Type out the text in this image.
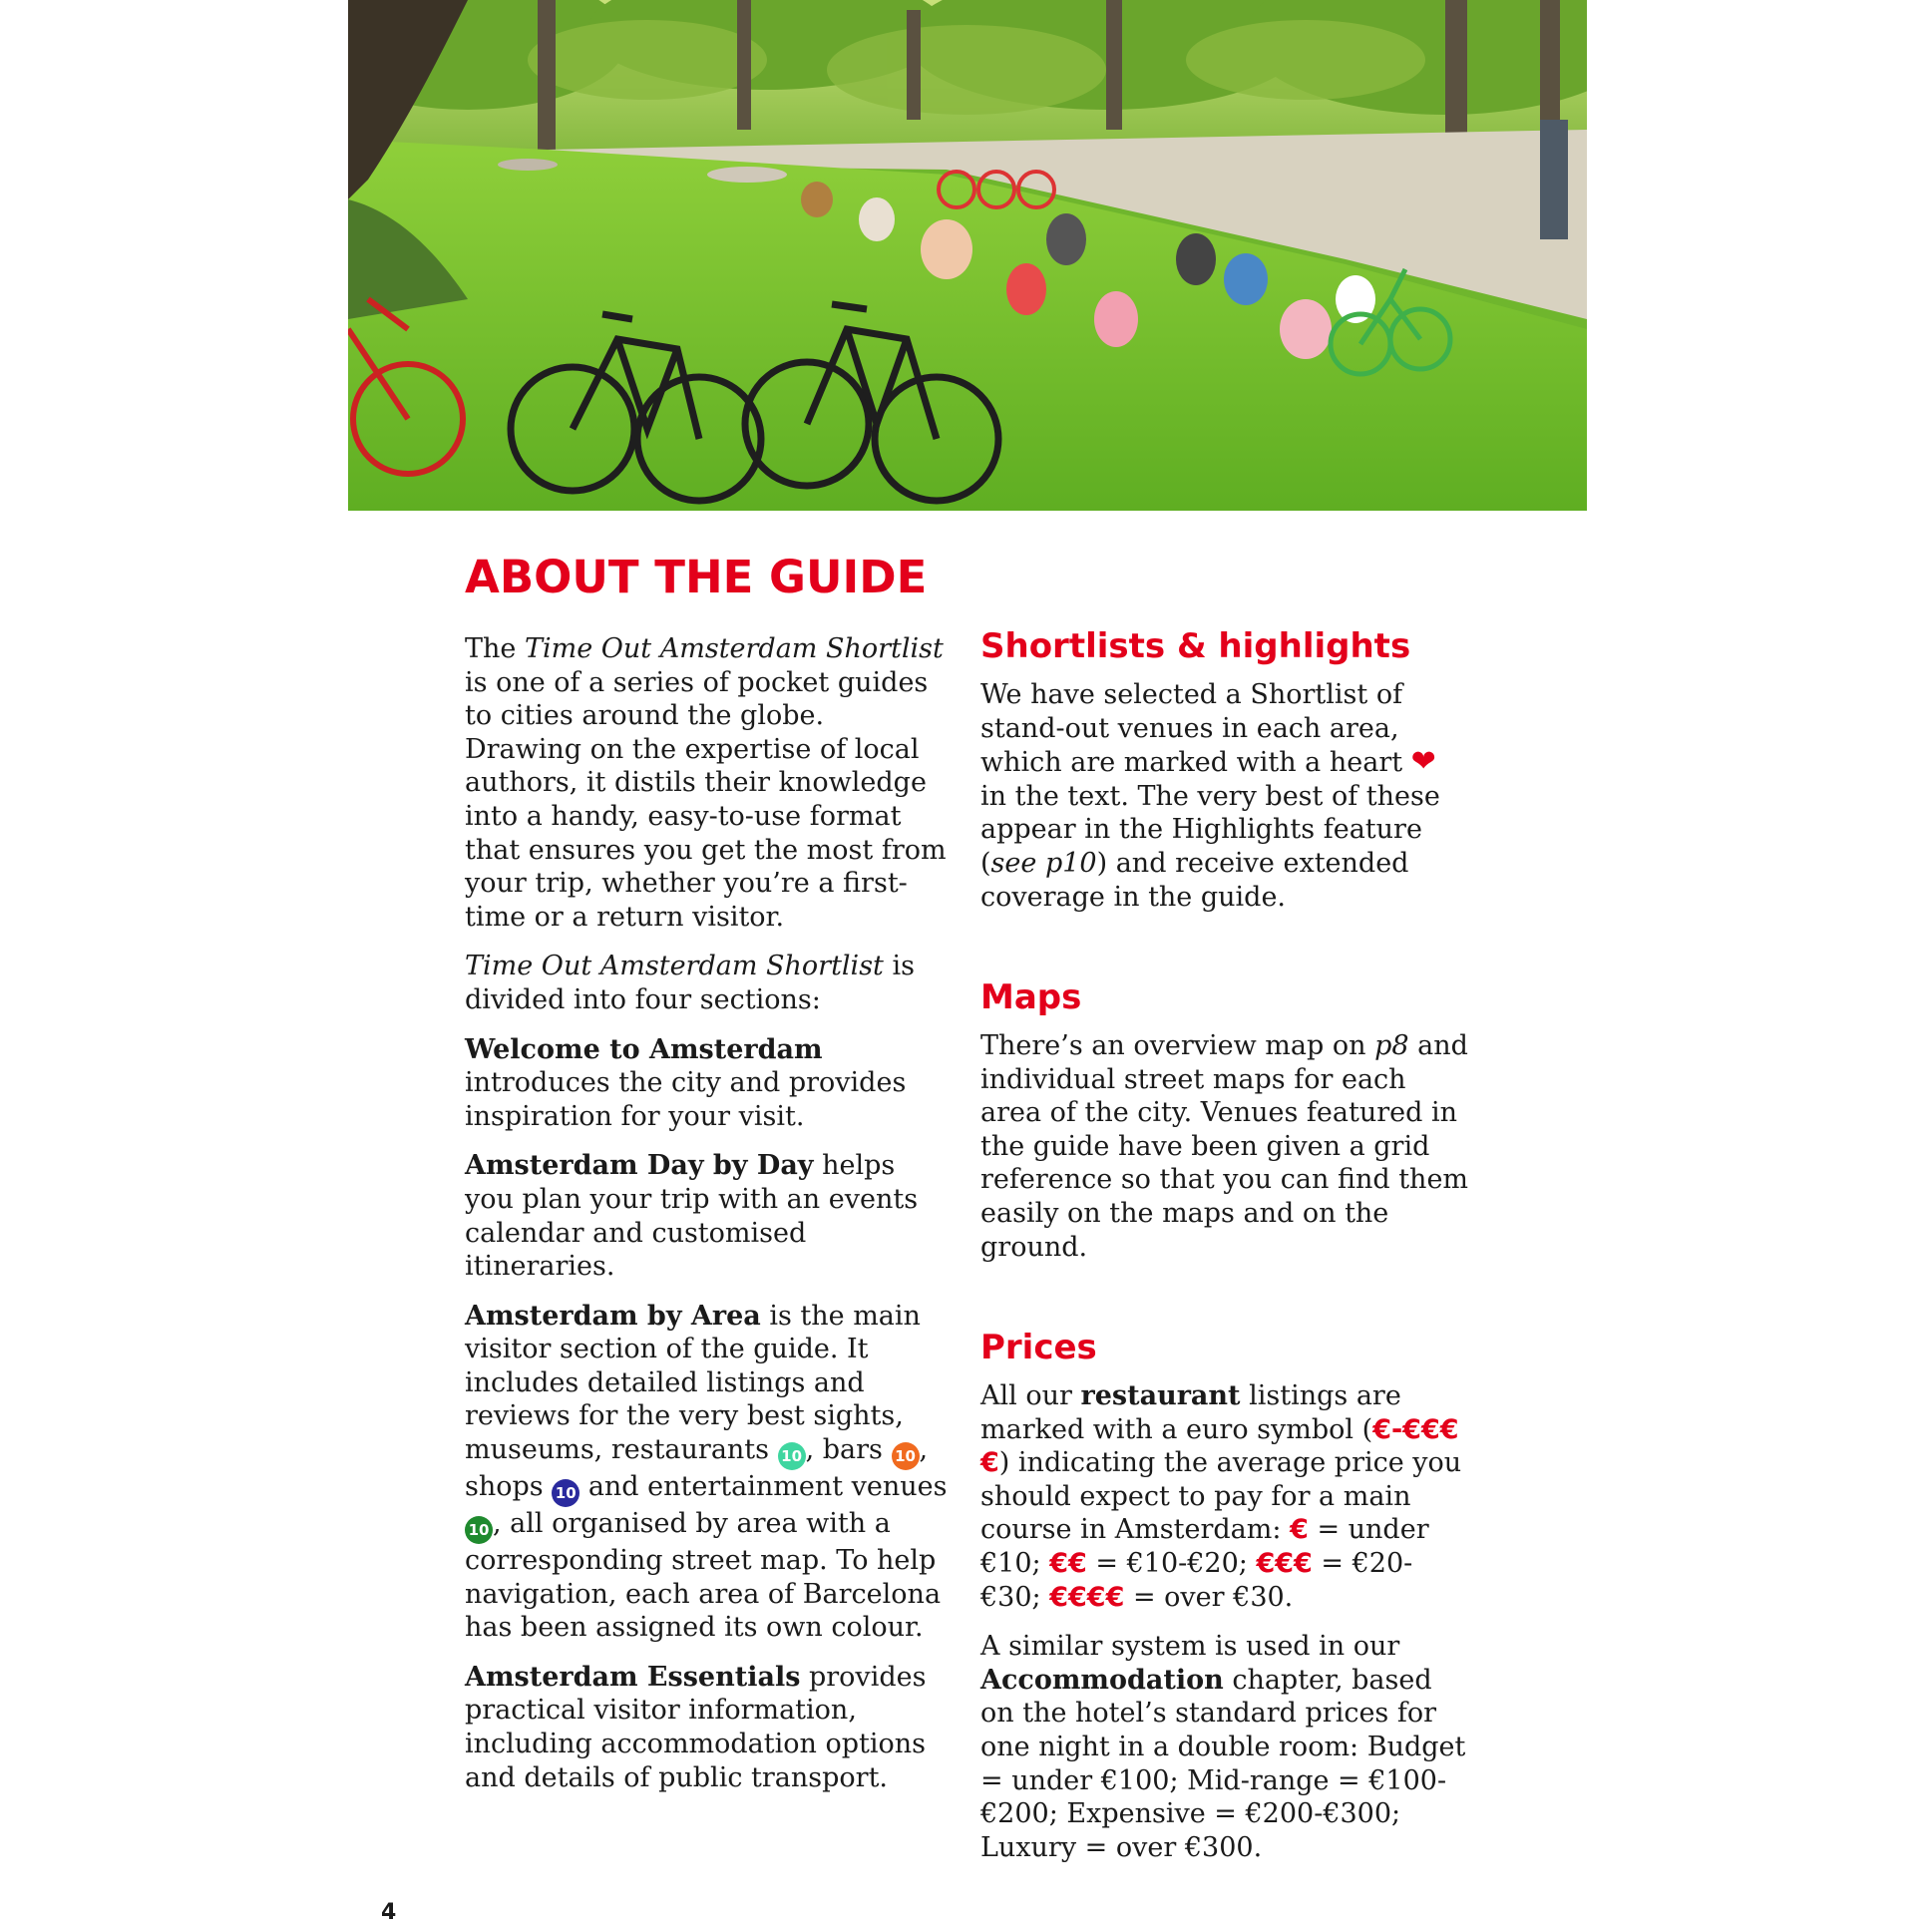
ABOUT THE GUIDE

The Time Out Amsterdam Shortlist is one of a series of pocket guides to cities around the globe. Drawing on the expertise of local authors, it distils their knowledge into a handy, easy-to-use format that ensures you get the most from your trip, whether you’re a first-time or a return visitor.

Time Out Amsterdam Shortlist is divided into four sections:

Welcome to Amsterdam introduces the city and provides inspiration for your visit.

Amsterdam Day by Day helps you plan your trip with an events calendar and customised itineraries.

Amsterdam by Area is the main visitor section of the guide. It includes detailed listings and reviews for the very best sights, museums, restaurants 10 , bars 10 , shops 10 and entertainment venues 10 , all organised by area with a corresponding street map. To help navigation, each area of Barcelona has been assigned its own colour.

Amsterdam Essentials provides practical visitor information, including accommodation options and details of public transport.

Shortlists & highlights

We have selected a Shortlist of stand-out venues in each area, which are marked with a heart ❤ in the text. The very best of these appear in the Highlights feature (see p10) and receive extended coverage in the guide.

Maps

There’s an overview map on p8 and individual street maps for each area of the city. Venues featured in the guide have been given a grid reference so that you can find them easily on the maps and on the ground.

Prices

All our restaurant listings are marked with a euro symbol (€-€€€€) indicating the average price you should expect to pay for a main course in Amsterdam: € = under €10; €€ = €10-€20; €€€ = €20-€30; €€€€ = over €30.

A similar system is used in our Accommodation chapter, based on the hotel’s standard prices for one night in a double room: Budget = under €100; Mid-range = €100-€200; Expensive = €200-€300; Luxury = over €300.

4
